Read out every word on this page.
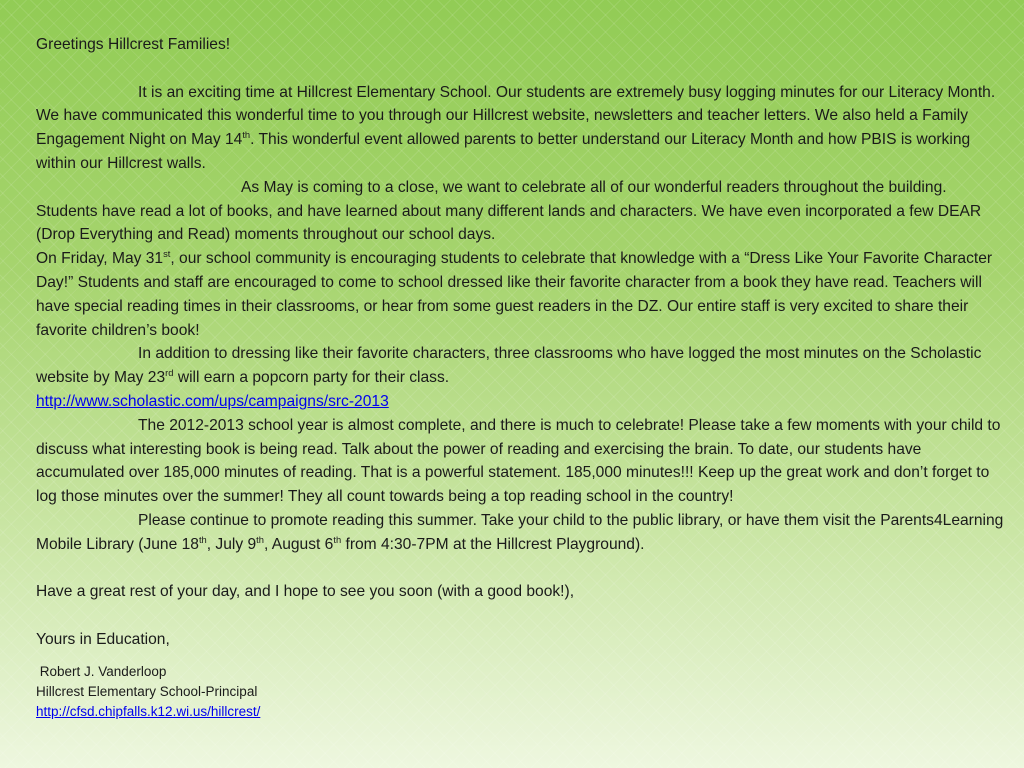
Greetings Hillcrest Families!

It is an exciting time at Hillcrest Elementary School. Our students are extremely busy logging minutes for our Literacy Month. We have communicated this wonderful time to you through our Hillcrest website, newsletters and teacher letters. We also held a Family Engagement Night on May 14th. This wonderful event allowed parents to better understand our Literacy Month and how PBIS is working within our Hillcrest walls.

As May is coming to a close, we want to celebrate all of our wonderful readers throughout the building. Students have read a lot of books, and have learned about many different lands and characters. We have even incorporated a few DEAR (Drop Everything and Read) moments throughout our school days.

On Friday, May 31st, our school community is encouraging students to celebrate that knowledge with a “Dress Like Your Favorite Character Day!” Students and staff are encouraged to come to school dressed like their favorite character from a book they have read. Teachers will have special reading times in their classrooms, or hear from some guest readers in the DZ. Our entire staff is very excited to share their favorite children’s book!

In addition to dressing like their favorite characters, three classrooms who have logged the most minutes on the Scholastic website by May 23rd will earn a popcorn party for their class.

http://www.scholastic.com/ups/campaigns/src-2013

The 2012-2013 school year is almost complete, and there is much to celebrate! Please take a few moments with your child to discuss what interesting book is being read. Talk about the power of reading and exercising the brain. To date, our students have accumulated over 185,000 minutes of reading. That is a powerful statement. 185,000 minutes!!! Keep up the great work and don’t forget to log those minutes over the summer! They all count towards being a top reading school in the country!

Please continue to promote reading this summer. Take your child to the public library, or have them visit the Parents4Learning Mobile Library (June 18th, July 9th, August 6th from 4:30-7PM at the Hillcrest Playground).

Have a great rest of your day, and I hope to see you soon (with a good book!),

Yours in Education,

Robert J. Vanderloop

Hillcrest Elementary School-Principal

http://cfsd.chipfalls.k12.wi.us/hillcrest/
